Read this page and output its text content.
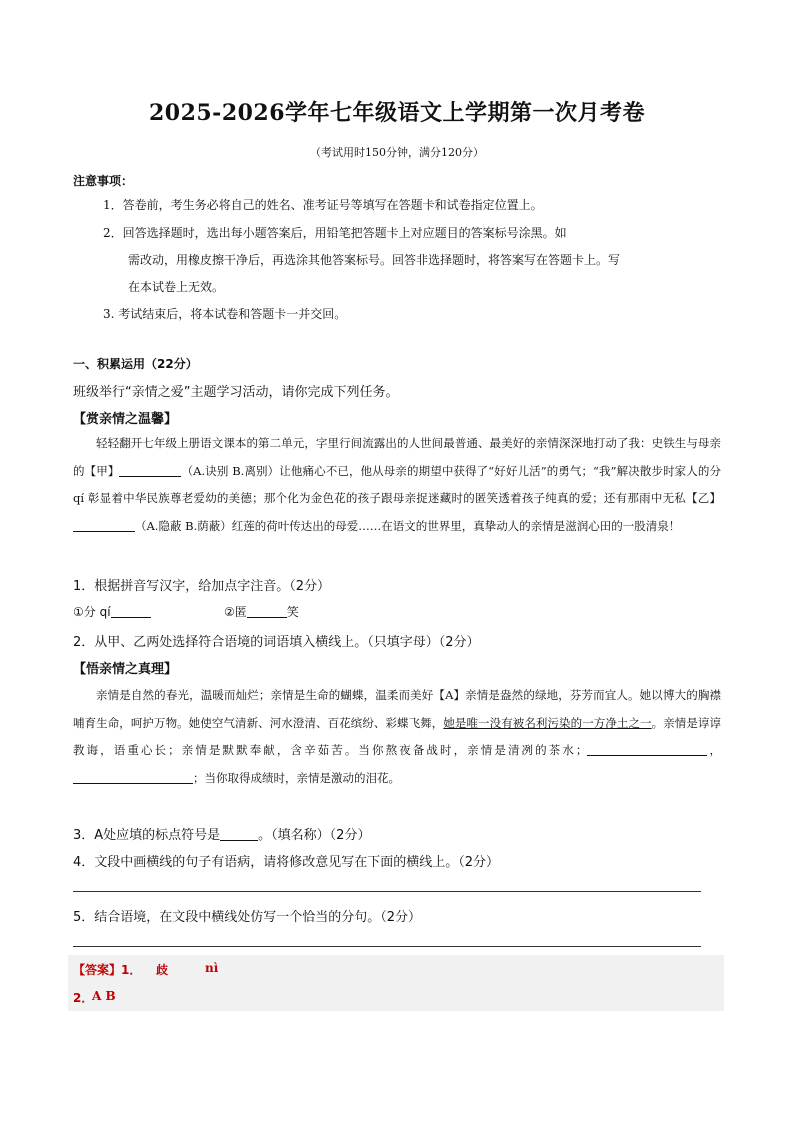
2025-2026学年七年级语文上学期第一次月考卷
（考试用时150分钟，满分120分）
注意事项：
1．答卷前，考生务必将自己的姓名、准考证号等填写在答题卡和试卷指定位置上。
2．回答选择题时，选出每小题答案后，用铅笔把答题卡上对应题目的答案标号涂黑。如
需改动，用橡皮擦干净后，再选涂其他答案标号。回答非选择题时，将答案写在答题卡上。写
在本试卷上无效。
3. 考试结束后，将本试卷和答题卡一并交回。
一、积累运用（22分）
班级举行“亲情之爱”主题学习活动，请你完成下列任务。
【赏亲情之温馨】
轻轻翻开七年级上册语文课本的第二单元，字里行间流露出的人世间最普通、最美好的亲情深深地打动了我：史铁生与母亲的【甲】	（A.诀别 B.离别）让他痛心不已，他从母亲的期望中获得了“好好儿活”的勇气；“我”解决散步时家人的分 qí 彰显着中华民族尊老爱幼的美德；那个化为金色花的孩子跟母亲捉迷藏时的匿笑透着孩子纯真的爱；还有那雨中无私【乙】（A.隐蔽 B.荫蔽）红莲的荷叶传达出的母爱……在语文的世界里，真挚动人的亲情是滋润心田的一股清泉！
1．根据拼音写汉字，给加点字注音。（2分）
①分 qí	②匿	笑
2．从甲、乙两处选择符合语境的词语填入横线上。（只填字母）（2分）
【悟亲情之真理】
亲情是自然的春光，温暖而灿烂；亲情是生命的蝴蝶，温柔而美好【A】亲情是盎然的绿地，芬芳而宜人。她以博大的胸襟哺育生命，呵护万物。她使空气清新、河水澄清、百花缤纷、彩蝶飞舞，她是唯一没有被名利污染的一方净土之一。亲情是谆谆教诲，语重心长；亲情是默默奉献，含辛茹苦。当你熬夜备战时，亲情是清冽的茶水；	，；当你取得成绩时，亲情是激动的泪花。
3．A处应填的标点符号是	。（填名称）（2分）
4．文段中画横线的句子有语病，请将修改意见写在下面的横线上。（2分）
5．结合语境，在文段中横线处仿写一个恰当的分句。（2分）
【答案】1． 歧	nì
2．
A B
